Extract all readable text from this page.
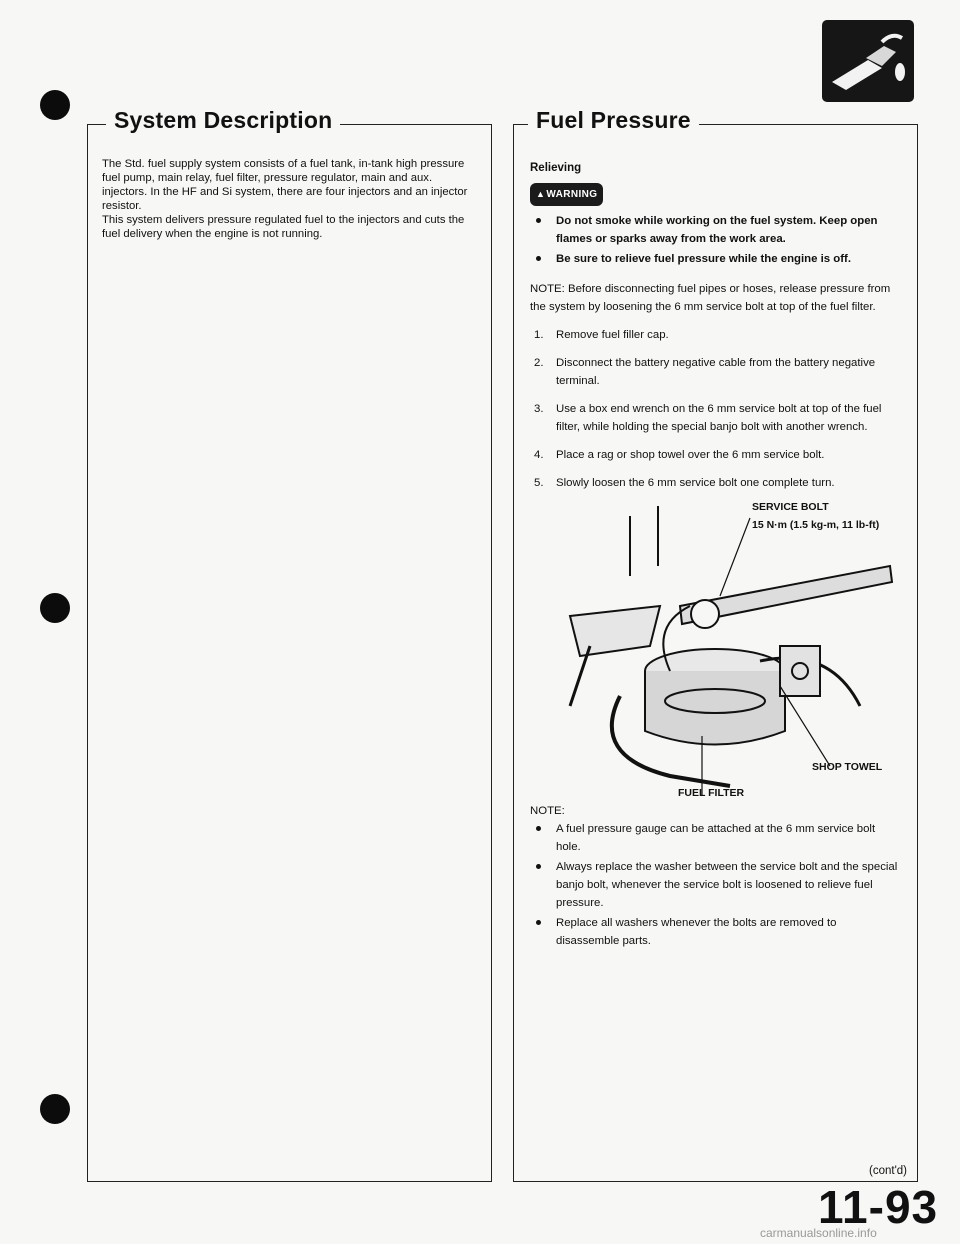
System Description

The Std. fuel supply system consists of a fuel tank, in-tank high pressure fuel pump, main relay, fuel filter, pressure regulator, main and aux. injectors. In the HF and Si system, there are four injectors and an injector resistor.

This system delivers pressure regulated fuel to the injectors and cuts the fuel delivery when the engine is not running.

Fuel Pressure
Relieving
▲WARNING
Do not smoke while working on the fuel system. Keep open flames or sparks away from the work area.
Be sure to relieve fuel pressure while the engine is off.
NOTE: Before disconnecting fuel pipes or hoses, release pressure from the system by loosening the 6 mm service bolt at top of the fuel filter.
1. Remove fuel filler cap.
2. Disconnect the battery negative cable from the battery negative terminal.
3. Use a box end wrench on the 6 mm service bolt at top of the fuel filter, while holding the special banjo bolt with another wrench.
4. Place a rag or shop towel over the 6 mm service bolt.
5. Slowly loosen the 6 mm service bolt one complete turn.
SERVICE BOLT
15 N·m (1.5 kg-m, 11 lb-ft)
SHOP TOWEL
FUEL FILTER
NOTE:
A fuel pressure gauge can be attached at the 6 mm service bolt hole.
Always replace the washer between the service bolt and the special banjo bolt, whenever the service bolt is loosened to relieve fuel pressure.
Replace all washers whenever the bolts are removed to disassemble parts.
(cont'd)
11-93
carmanualsonline.info
